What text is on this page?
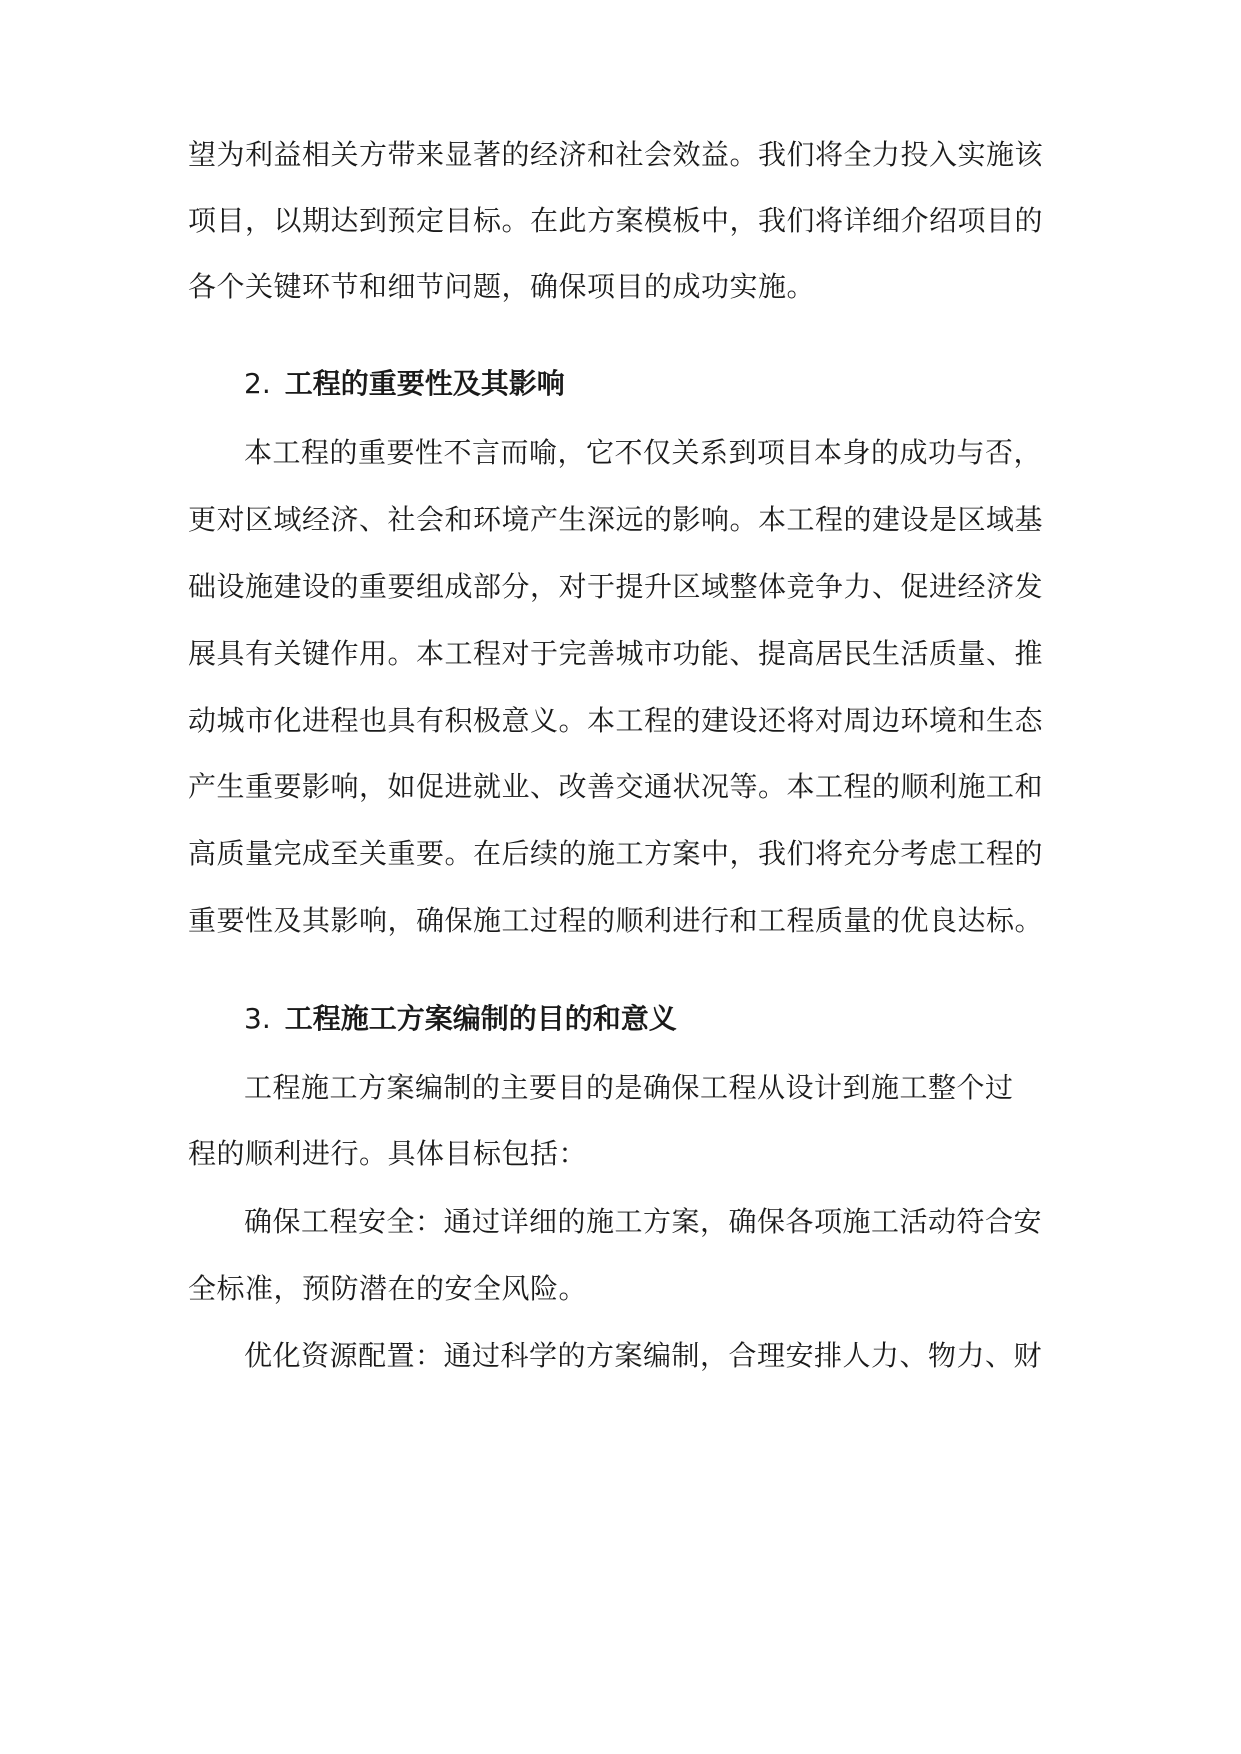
望为利益相关方带来显著的经济和社会效益。我们将全力投入实施该
项目，以期达到预定目标。在此方案模板中，我们将详细介绍项目的
各个关键环节和细节问题，确保项目的成功实施。
2. 工程的重要性及其影响
本工程的重要性不言而喻，它不仅关系到项目本身的成功与否，
更对区域经济、社会和环境产生深远的影响。本工程的建设是区域基
础设施建设的重要组成部分，对于提升区域整体竞争力、促进经济发
展具有关键作用。本工程对于完善城市功能、提高居民生活质量、推
动城市化进程也具有积极意义。本工程的建设还将对周边环境和生态
产生重要影响，如促进就业、改善交通状况等。本工程的顺利施工和
高质量完成至关重要。在后续的施工方案中，我们将充分考虑工程的
重要性及其影响，确保施工过程的顺利进行和工程质量的优良达标。
3. 工程施工方案编制的目的和意义
工程施工方案编制的主要目的是确保工程从设计到施工整个过
程的顺利进行。具体目标包括：
确保工程安全：通过详细的施工方案，确保各项施工活动符合安
全标准，预防潜在的安全风险。
优化资源配置：通过科学的方案编制，合理安排人力、物力、财
